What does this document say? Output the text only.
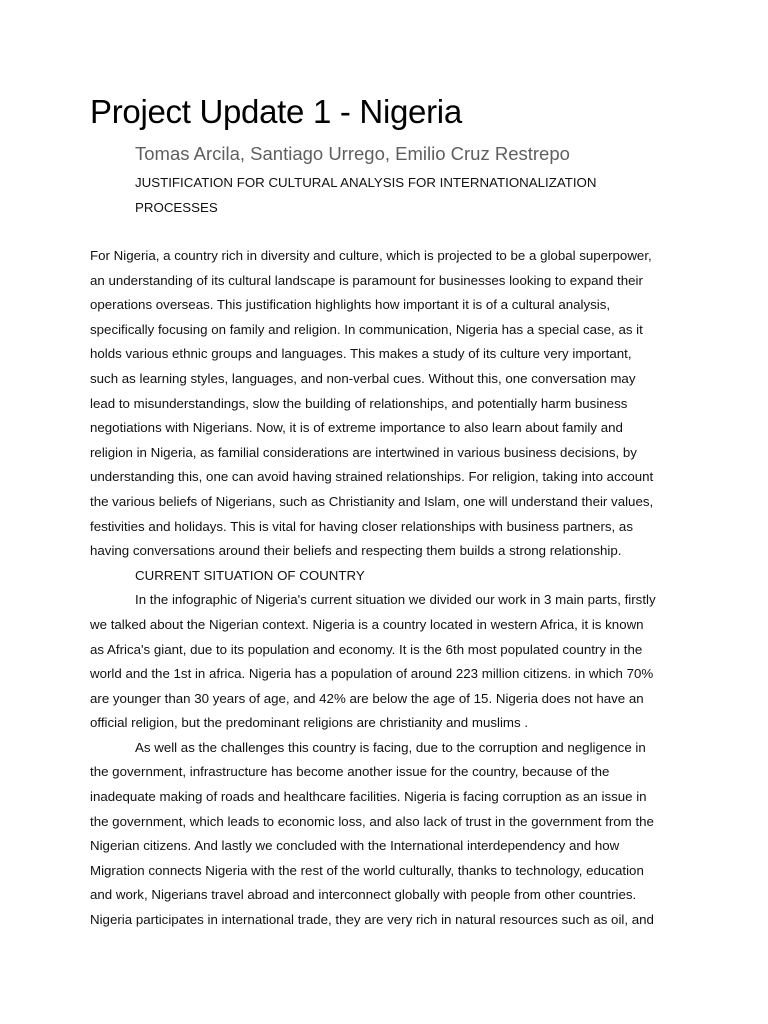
Project Update 1 - Nigeria
Tomas Arcila, Santiago Urrego, Emilio Cruz Restrepo
JUSTIFICATION FOR CULTURAL ANALYSIS FOR INTERNATIONALIZATION PROCESSES

For Nigeria, a country rich in diversity and culture, which is projected to be a global superpower,
an understanding of its cultural landscape is paramount for businesses looking to expand their
operations overseas. This justification highlights how important it is of a cultural analysis,
specifically focusing on family and religion. In communication, Nigeria has a special case, as it
holds various ethnic groups and languages. This makes a study of its culture very important,
such as learning styles, languages, and non-verbal cues. Without this, one conversation may
lead to misunderstandings, slow the building of relationships, and potentially harm business
negotiations with Nigerians. Now, it is of extreme importance to also learn about family and
religion in Nigeria, as familial considerations are intertwined in various business decisions, by
understanding this, one can avoid having strained relationships. For religion, taking into account
the various beliefs of Nigerians, such as Christianity and Islam, one will understand their values,
festivities and holidays. This is vital for having closer relationships with business partners, as
having conversations around their beliefs and respecting them builds a strong relationship.

CURRENT SITUATION OF COUNTRY

In the infographic of Nigeria's current situation we divided our work in 3 main parts, firstly
we talked about the Nigerian context. Nigeria is a country located in western Africa, it is known
as Africa's giant, due to its population and economy. It is the 6th most populated country in the
world and the 1st in africa. Nigeria has a population of around 223 million citizens. in which 70%
are younger than 30 years of age, and 42% are below the age of 15. Nigeria does not have an
official religion, but the predominant religions are christianity and muslims .

As well as the challenges this country is facing, due to the corruption and negligence in
the government, infrastructure has become another issue for the country, because of the
inadequate making of roads and healthcare facilities. Nigeria is facing corruption as an issue in
the government, which leads to economic loss, and also lack of trust in the government from the
Nigerian citizens. And lastly we concluded with the International interdependency and how
Migration connects Nigeria with the rest of the world culturally, thanks to technology, education
and work, Nigerians travel abroad and interconnect globally with people from other countries.
Nigeria participates in international trade, they are very rich in natural resources such as oil, and
